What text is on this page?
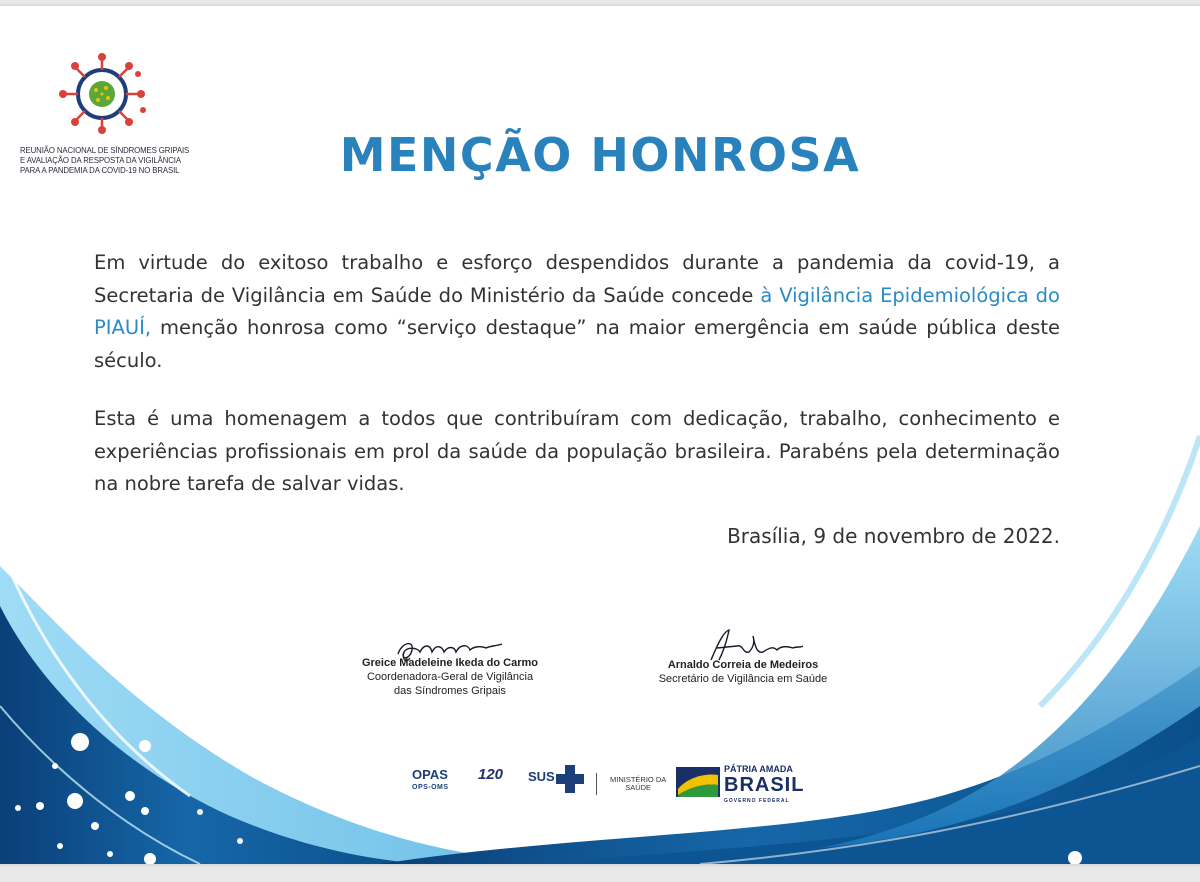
REUNIÃO NACIONAL DE SÍNDROMES GRIPAIS
E AVALIAÇÃO DA RESPOSTA DA VIGILÂNCIA
PARA A PANDEMIA DA COVID-19 NO BRASIL	MENÇÃO HONROSA

Em virtude do exitoso trabalho e esforço despendidos durante a pandemia da covid-19, a Secretaria de Vigilância em Saúde do Ministério da Saúde concede à Vigilância Epidemiológica do PIAUÍ, menção honrosa como “serviço destaque” na maior emergência em saúde pública deste século.

Esta é uma homenagem a todos que contribuíram com dedicação, trabalho, conhecimento e experiências profissionais em prol da saúde da população brasileira. Parabéns pela determinação na nobre tarefa de salvar vidas.

Brasília, 9 de novembro de 2022.
Gréicelleno
Greice Madeleine Ikeda do Carmo
Coordenadora-Geral de Vigilância
das Síndromes Gripais
Ahdeu
Arnaldo Correia de Medeiros
Secretário de Vigilância em Saúde
OPAS
OPS-OMS
120 SUS	MINISTÉRIO DA
SAÚDE
PÁTRIA AMADA
BRASIL
GOVERNO FEDERAL
